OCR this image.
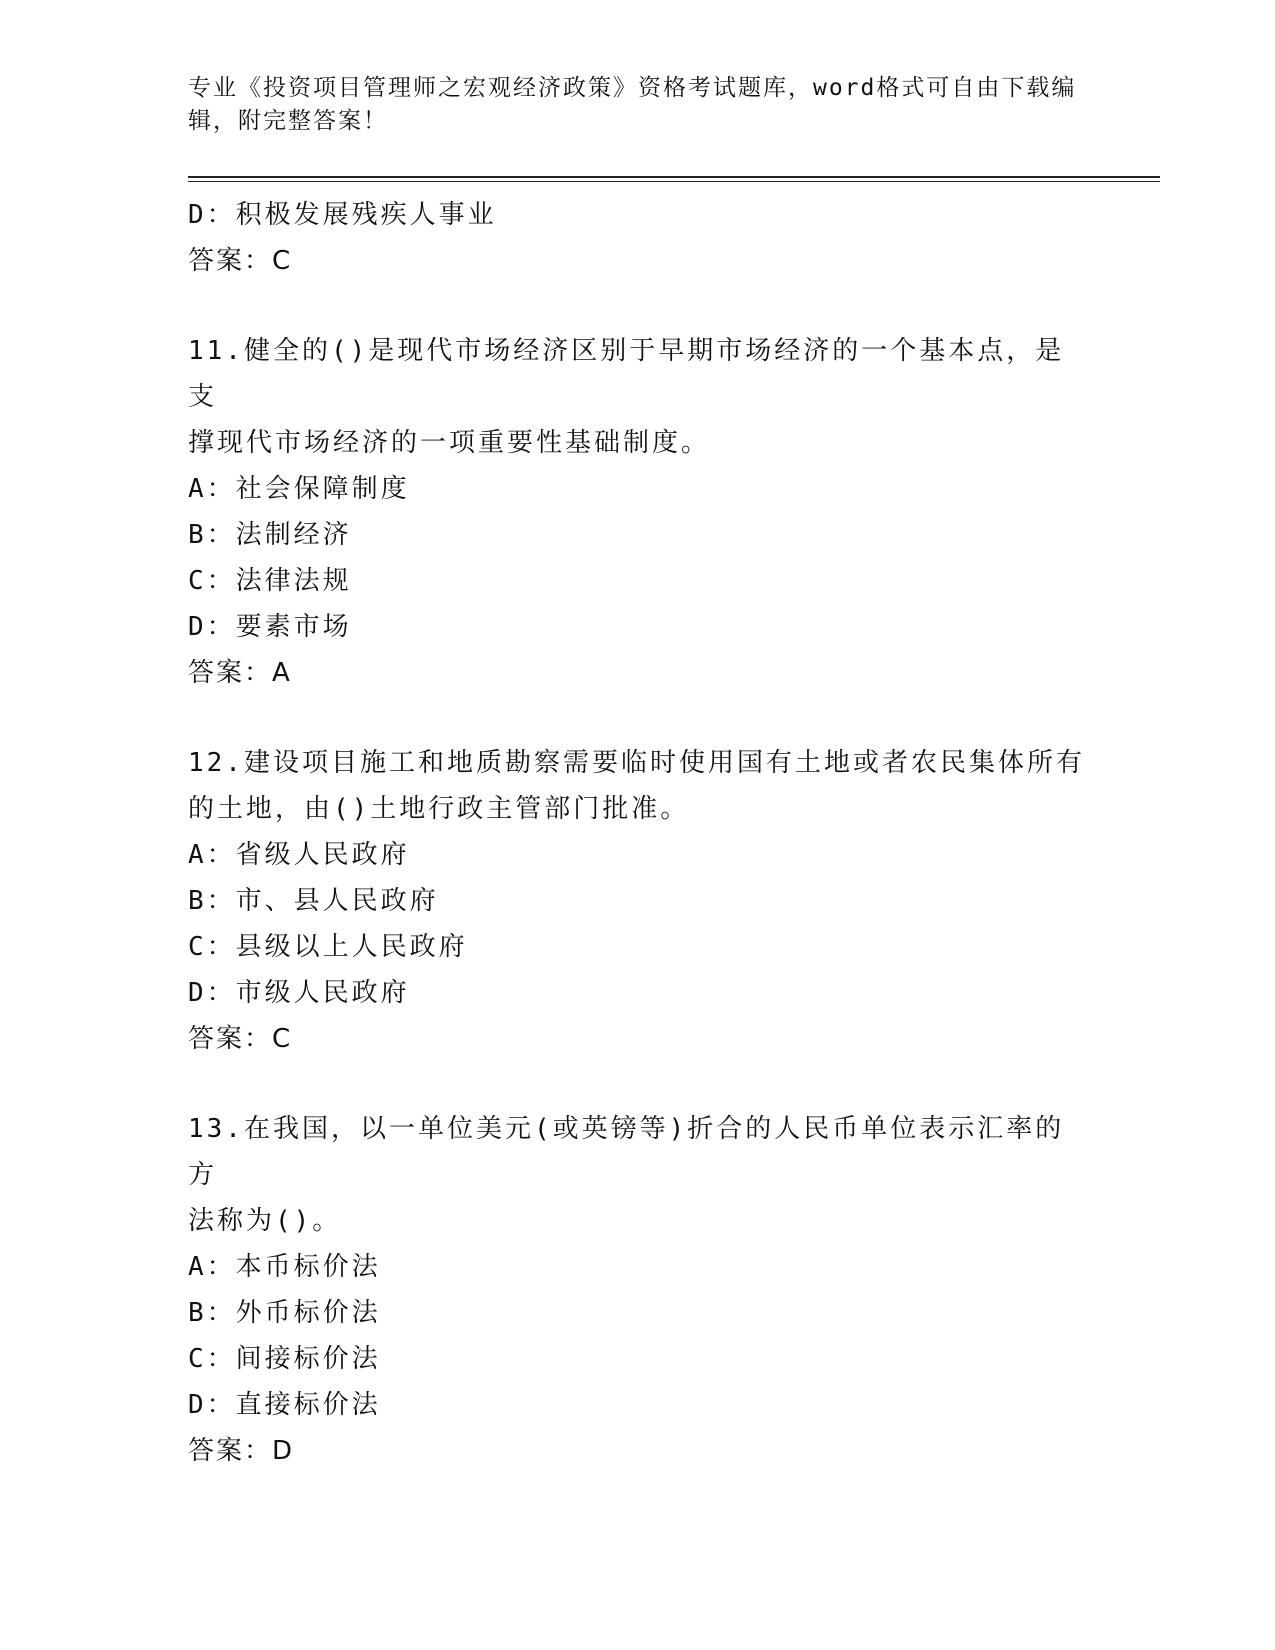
专业《投资项目管理师之宏观经济政策》资格考试题库，word格式可自由下载编
辑，附完整答案！
D：积极发展残疾人事业
答案：C
11.健全的()是现代市场经济区别于早期市场经济的一个基本点，是支
撑现代市场经济的一项重要性基础制度。
A：社会保障制度
B：法制经济
C：法律法规
D：要素市场
答案：A
12.建设项目施工和地质勘察需要临时使用国有土地或者农民集体所有
的土地，由()土地行政主管部门批准。
A：省级人民政府
B：市、县人民政府
C：县级以上人民政府
D：市级人民政府
答案：C
13.在我国，以一单位美元(或英镑等)折合的人民币单位表示汇率的方
法称为()。
A：本币标价法
B：外币标价法
C：间接标价法
D：直接标价法
答案：D
